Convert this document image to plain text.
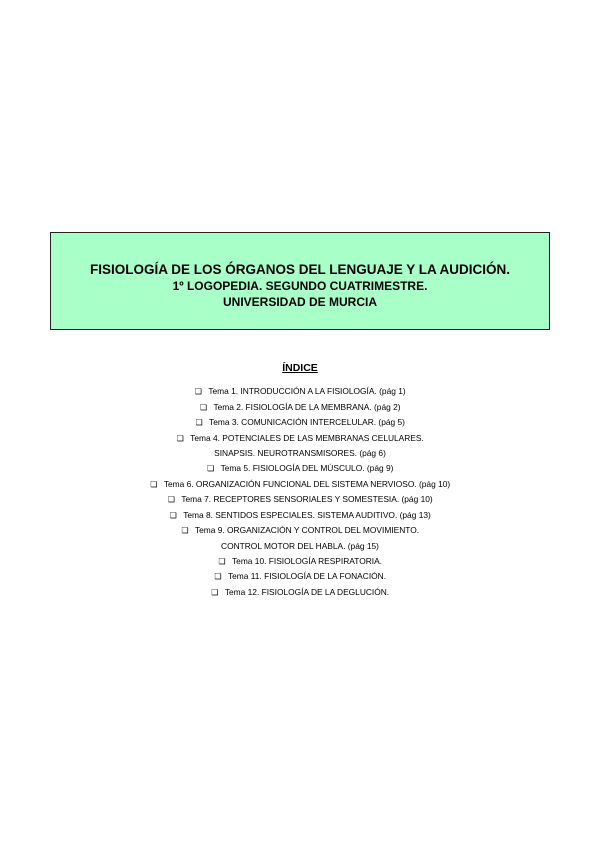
FISIOLOGÍA DE LOS ÓRGANOS DEL LENGUAJE Y LA AUDICIÓN.
1º LOGOPEDIA. SEGUNDO CUATRIMESTRE.
UNIVERSIDAD DE MURCIA
ÍNDICE
❏ Tema 1. INTRODUCCIÓN A LA FISIOLOGÍA. (pág 1)
❏ Tema 2. FISIOLOGÍA DE LA MEMBRANA. (pág 2)
❏ Tema 3. COMUNICACIÓN INTERCELULAR. (pág 5)
❏ Tema 4. POTENCIALES DE LAS MEMBRANAS CELULARES.
SINAPSIS. NEUROTRANSMISORES. (pág 6)
❏ Tema 5. FISIOLOGÍA DEL MÚSCULO. (pág 9)
❏ Tema 6. ORGANIZACIÓN FUNCIONAL DEL SISTEMA NERVIOSO. (pág 10)
❏ Tema 7. RECEPTORES SENSORIALES Y SOMESTESIA. (pág 10)
❏ Tema 8. SENTIDOS ESPECIALES. SISTEMA AUDITIVO. (pág 13)
❏ Tema 9. ORGANIZACIÓN Y CONTROL DEL MOVIMIENTO.
CONTROL MOTOR DEL HABLA. (pág 15)
❏ Tema 10. FISIOLOGÍA RESPIRATORIA.
❏ Tema 11. FISIOLOGÍA DE LA FONACIÓN.
❏ Tema 12. FISIOLOGÍA DE LA DEGLUCIÓN.
